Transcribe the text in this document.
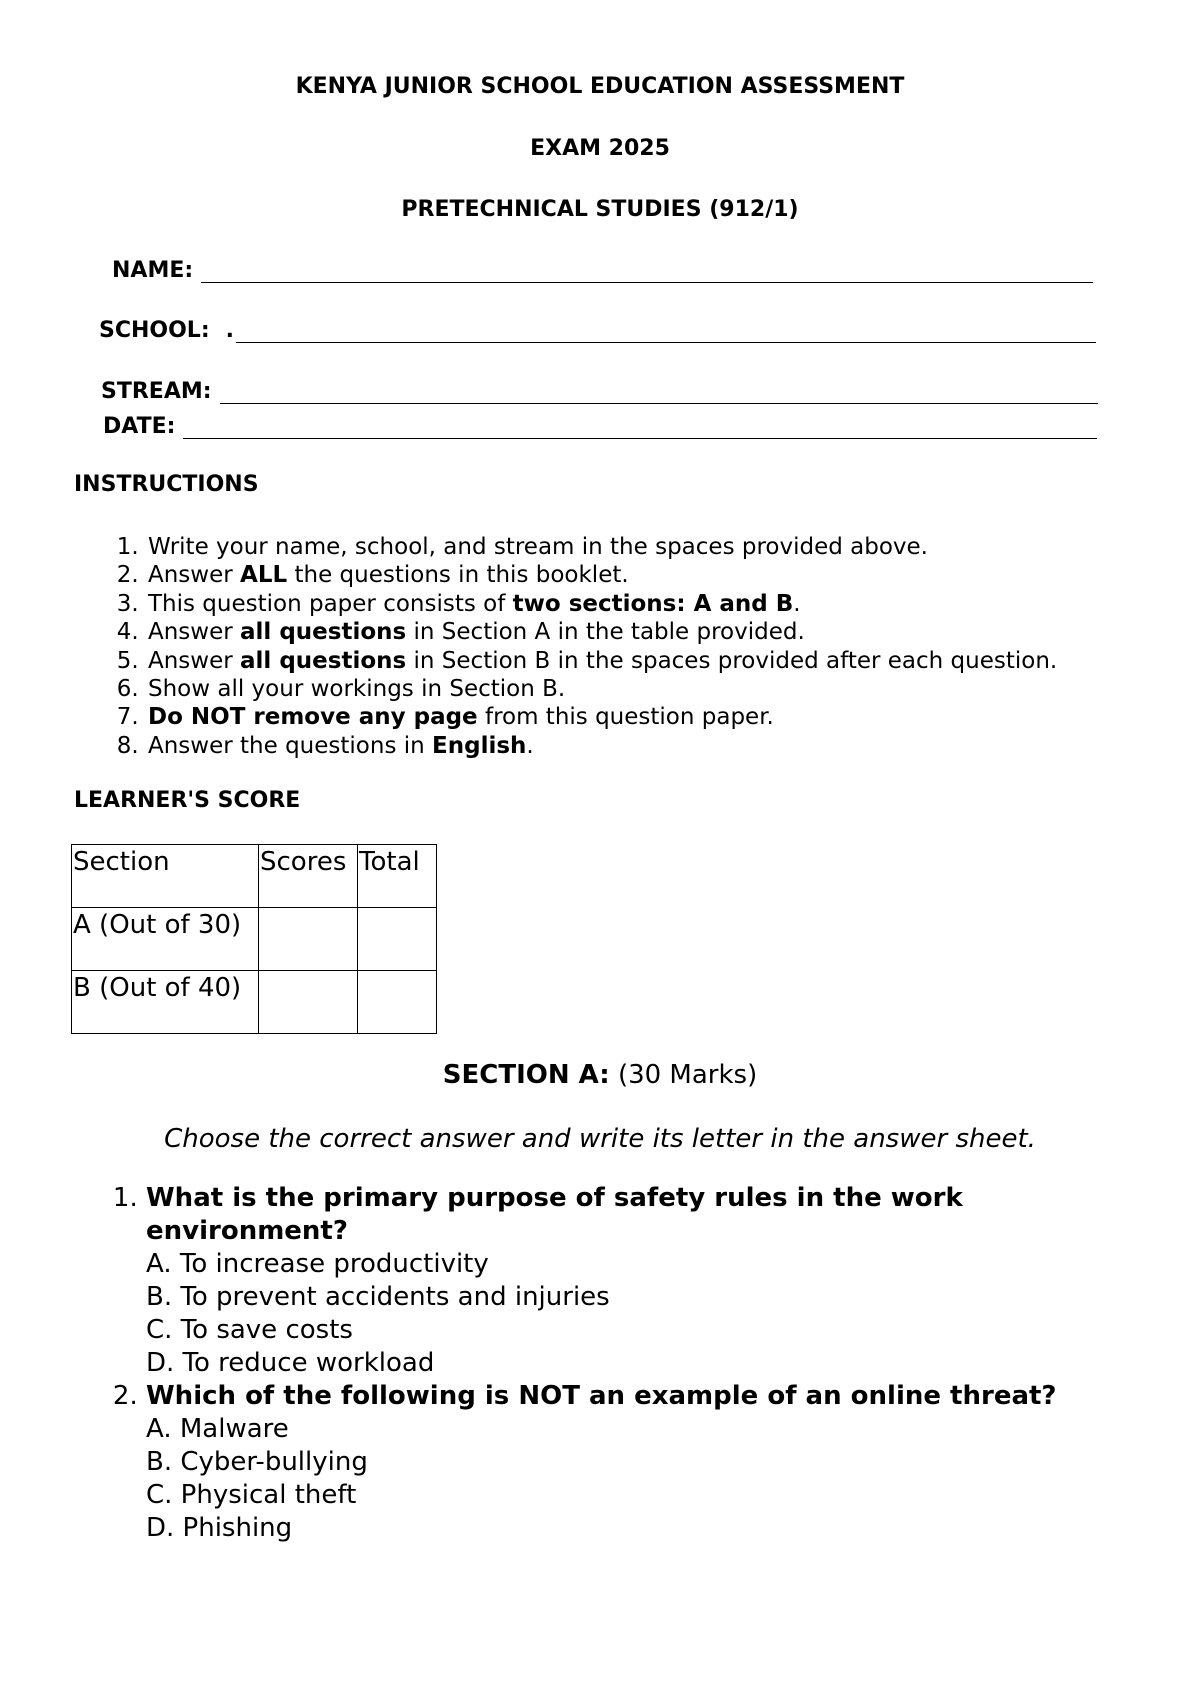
KENYA JUNIOR SCHOOL EDUCATION ASSESSMENT
EXAM 2025
PRETECHNICAL STUDIES (912/1)
NAME:
SCHOOL: .
STREAM:
DATE:
INSTRUCTIONS
1. Write your name, school, and stream in the spaces provided above.
2. Answer ALL the questions in this booklet.
3. This question paper consists of two sections: A and B.
4. Answer all questions in Section A in the table provided.
5. Answer all questions in Section B in the spaces provided after each question.
6. Show all your workings in Section B.
7. Do NOT remove any page from this question paper.
8. Answer the questions in English.
LEARNER'S SCORE
Section	Scores	Total
A (Out of 30)		
B (Out of 40)		
SECTION A: (30 Marks)
Choose the correct answer and write its letter in the answer sheet.
1. What is the primary purpose of safety rules in the work environment?
A. To increase productivity
B. To prevent accidents and injuries
C. To save costs
D. To reduce workload
2. Which of the following is NOT an example of an online threat?
A. Malware
B. Cyber-bullying
C. Physical theft
D. Phishing
